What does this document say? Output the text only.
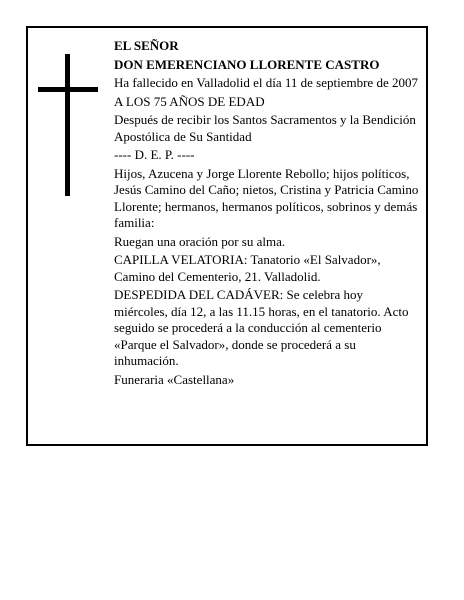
EL SEÑOR

DON EMERENCIANO LLORENTE CASTRO

Ha fallecido en Valladolid el día 11 de septiembre de 2007

A LOS 75 AÑOS DE EDAD

Después de recibir los Santos Sacramentos y la Bendición Apostólica de Su Santidad

---- D. E. P. ----

Hijos, Azucena y Jorge Llorente Rebollo; hijos políticos, Jesús Camino del Caño; nietos, Cristina y Patricia Camino Llorente; hermanos, hermanos políticos, sobrinos y demás familia:

Ruegan una oración por su alma.

CAPILLA VELATORIA: Tanatorio «El Salvador», Camino del Cementerio, 21. Valladolid.

DESPEDIDA DEL CADÁVER: Se celebra hoy miércoles, día 12, a las 11.15 horas, en el tanatorio. Acto seguido se procederá a la conducción al cementerio «Parque el Salvador», donde se procederá a su inhumación.

Funeraria «Castellana»
